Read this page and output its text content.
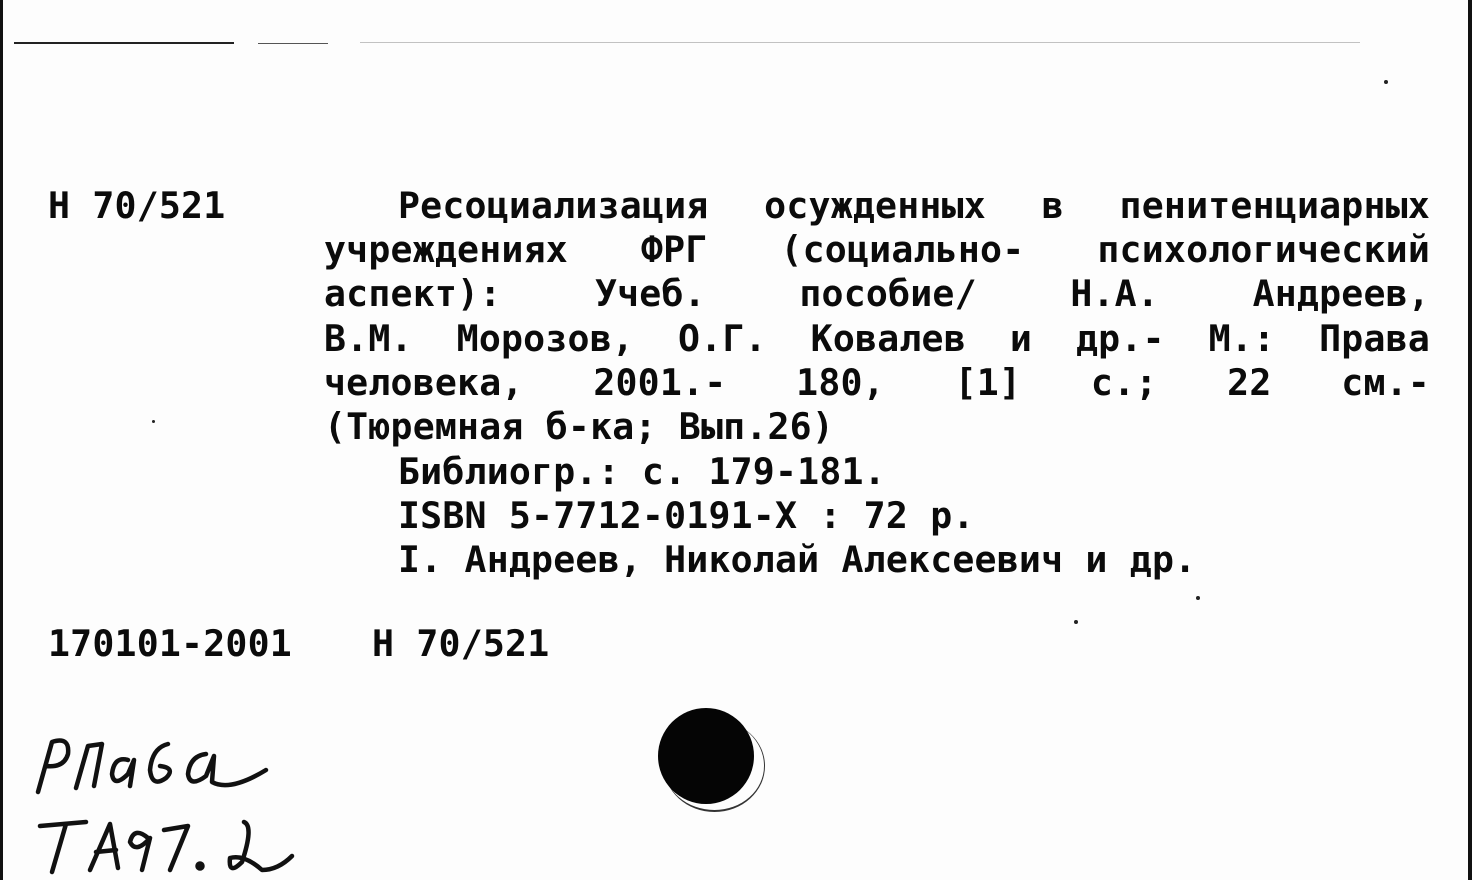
Н 70/521	Ресоциализация осужденных в пенитенциарных
учреждениях ФРГ (социально- психологический
аспект): Учеб. пособие/ Н.А. Андреев,
В.М. Морозов, О.Г. Ковалев и др.- М.: Права
человека, 2001.- 180, [1] с.; 22 см.-
(Тюремная б-ка; Вып.26)
Библиогр.: с. 179-181.
ISBN 5-7712-0191-X : 72 р.
I. Андреев, Николай Алексеевич и др.
170101-2001 Н 70/521
